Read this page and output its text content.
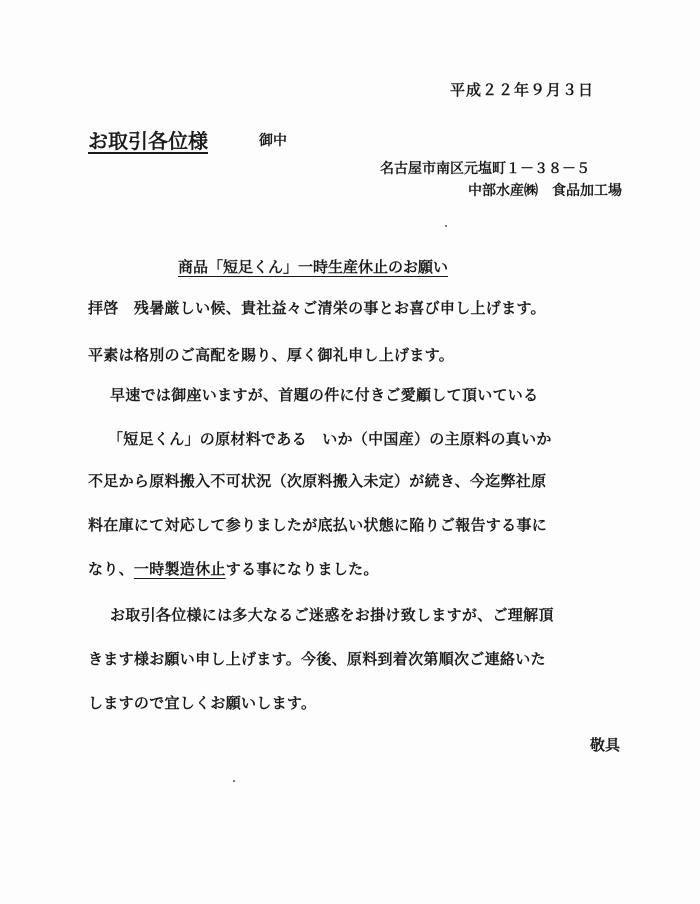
平成２２年９月３日
お取引各位様	御中
名古屋市南区元塩町１－３８－５
中部水産㈱　食品加工場
商品「短足くん」一時生産休止のお願い
拝啓　残暑厳しい候、貴社益々ご清栄の事とお喜び申し上げます。
平素は格別のご高配を賜り、厚く御礼申し上げます。
早速では御座いますが、首題の件に付きご愛顧して頂いている
「短足くん」の原材料である　いか（中国産）の主原料の真いか
不足から原料搬入不可状況（次原料搬入未定）が続き、今迄弊社原
料在庫にて対応して参りましたが底払い状態に陥りご報告する事に
なり、一時製造休止する事になりました。
お取引各位様には多大なるご迷惑をお掛け致しますが、ご理解頂
きます様お願い申し上げます。今後、原料到着次第順次ご連絡いた
しますので宜しくお願いします。
敬具
